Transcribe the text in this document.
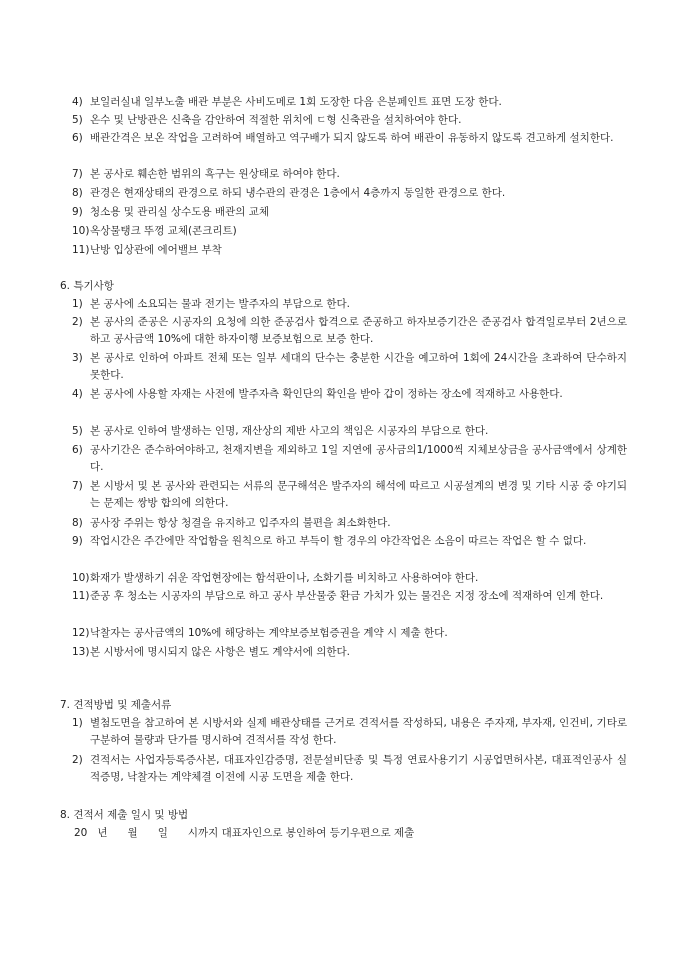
4) 보일러실내 일부노출 배관 부분은 사비도메로 1회 도장한 다음 은분페인트 표면 도장 한다.
5) 온수 및 난방관은 신축을 감안하여 적절한 위치에 ㄷ형 신축관을 설치하여야 한다.
6) 배관간격은 보온 작업을 고려하여 배열하고 역구배가 되지 않도록 하여 배관이 유동하지 않도록 견고하게 설치한다.
7) 본 공사로 훼손한 범위의 흑구는 원상태로 하여야 한다.
8) 관경은 현재상태의 관경으로 하되 냉수관의 관경은 1층에서 4층까지 동일한 관경으로 한다.
9) 청소용 및 관리실 상수도용 배관의 교체
10) 옥상물탱크 뚜껑 교체(콘크리트)
11) 난방 입상관에 에어밸브 부착
6. 특기사항
1) 본 공사에 소요되는 물과 전기는 발주자의 부담으로 한다.
2) 본 공사의 준공은 시공자의 요청에 의한 준공검사 합격으로 준공하고 하자보증기간은 준공검사 합격일로부터 2년으로 하고 공사금액 10%에 대한 하자이행 보증보험으로 보증 한다.
3) 본 공사로 인하여 아파트 전체 또는 일부 세대의 단수는 충분한 시간을 예고하여 1회에 24시간을 초과하여 단수하지 못한다.
4) 본 공사에 사용할 자재는 사전에 발주자측 확인단의 확인을 받아 갑이 정하는 장소에 적재하고 사용한다.
5) 본 공사로 인하여 발생하는 인명, 재산상의 제반 사고의 책임은 시공자의 부담으로 한다.
6) 공사기간은 준수하여야하고, 천재지변을 제외하고 1일 지연에 공사금의1/1000씩 지체보상금을 공사금액에서 상계한다.
7) 본 시방서 및 본 공사와 관련되는 서류의 문구해석은 발주자의 해석에 따르고 시공설계의 변경 및 기타 시공 중 야기되는 문제는 쌍방 합의에 의한다.
8) 공사장 주위는 항상 청결을 유지하고 입주자의 불편을 최소화한다.
9) 작업시간은 주간에만 작업함을 원칙으로 하고 부득이 할 경우의 야간작업은 소음이 따르는 작업은 할 수 없다.
10) 화재가 발생하기 쉬운 작업현장에는 함석판이나, 소화기를 비치하고 사용하여야 한다.
11) 준공 후 청소는 시공자의 부담으로 하고 공사 부산물중 환금 가치가 있는 물건은 지정 장소에 적재하여 인계 한다.
12) 낙찰자는 공사금액의 10%에 해당하는 계약보증보험증권을 계약 시 제출 한다.
13) 본 시방서에 명시되지 않은 사항은 별도 계약서에 의한다.
7. 견적방법 및 제출서류
1) 별첨도면을 참고하여 본 시방서와 실제 배관상태를 근거로 견적서를 작성하되, 내용은 주자재, 부자재, 인건비, 기타로 구분하여 물량과 단가를 명시하여 견적서를 작성 한다.
2) 견적서는 사업자등록증사본, 대표자인감증명, 전문설비단종 및 특정 연료사용기기 시공업면허사본, 대표적인공사 실적증명, 낙찰자는 계약체결 이전에 시공 도면을 제출 한다.
8. 견적서 제출 일시 및 방법
20   년      월      일      시까지 대표자인으로 봉인하여 등기우편으로 제출
